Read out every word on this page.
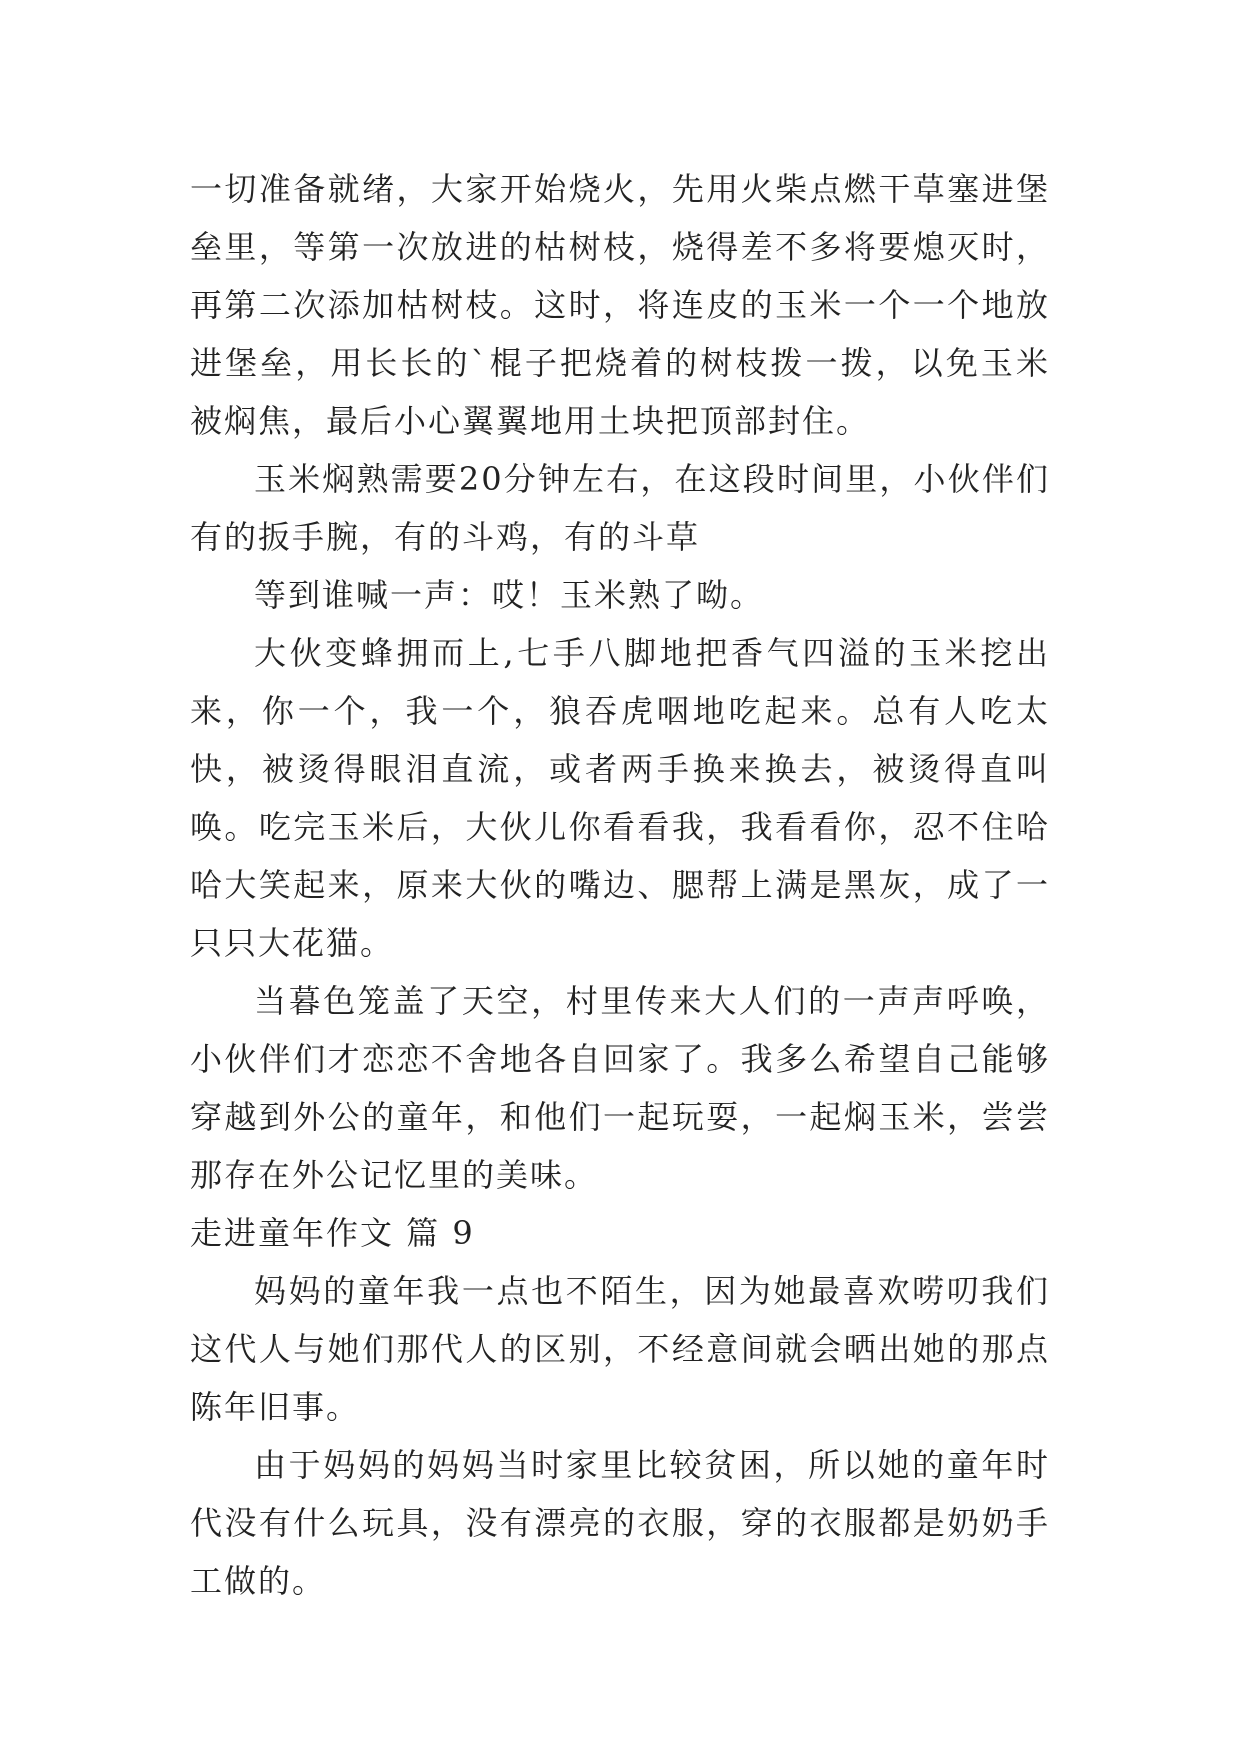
一切准备就绪，大家开始烧火，先用火柴点燃干草塞进堡垒里，等第一次放进的枯树枝，烧得差不多将要熄灭时，再第二次添加枯树枝。这时，将连皮的玉米一个一个地放进堡垒，用长长的`棍子把烧着的树枝拨一拨，以免玉米被焖焦，最后小心翼翼地用土块把顶部封住。

玉米焖熟需要20分钟左右，在这段时间里，小伙伴们有的扳手腕，有的斗鸡，有的斗草

等到谁喊一声：哎！玉米熟了呦。

大伙变蜂拥而上,七手八脚地把香气四溢的玉米挖出来，你一个，我一个，狼吞虎咽地吃起来。总有人吃太快，被烫得眼泪直流，或者两手换来换去，被烫得直叫唤。吃完玉米后，大伙儿你看看我，我看看你，忍不住哈哈大笑起来，原来大伙的嘴边、腮帮上满是黑灰，成了一只只大花猫。

当暮色笼盖了天空，村里传来大人们的一声声呼唤，小伙伴们才恋恋不舍地各自回家了。我多么希望自己能够穿越到外公的童年，和他们一起玩耍，一起焖玉米，尝尝那存在外公记忆里的美味。

走进童年作文 篇 9

妈妈的童年我一点也不陌生，因为她最喜欢唠叨我们这代人与她们那代人的区别，不经意间就会晒出她的那点陈年旧事。

由于妈妈的妈妈当时家里比较贫困，所以她的童年时代没有什么玩具，没有漂亮的衣服，穿的衣服都是奶奶手工做的。
